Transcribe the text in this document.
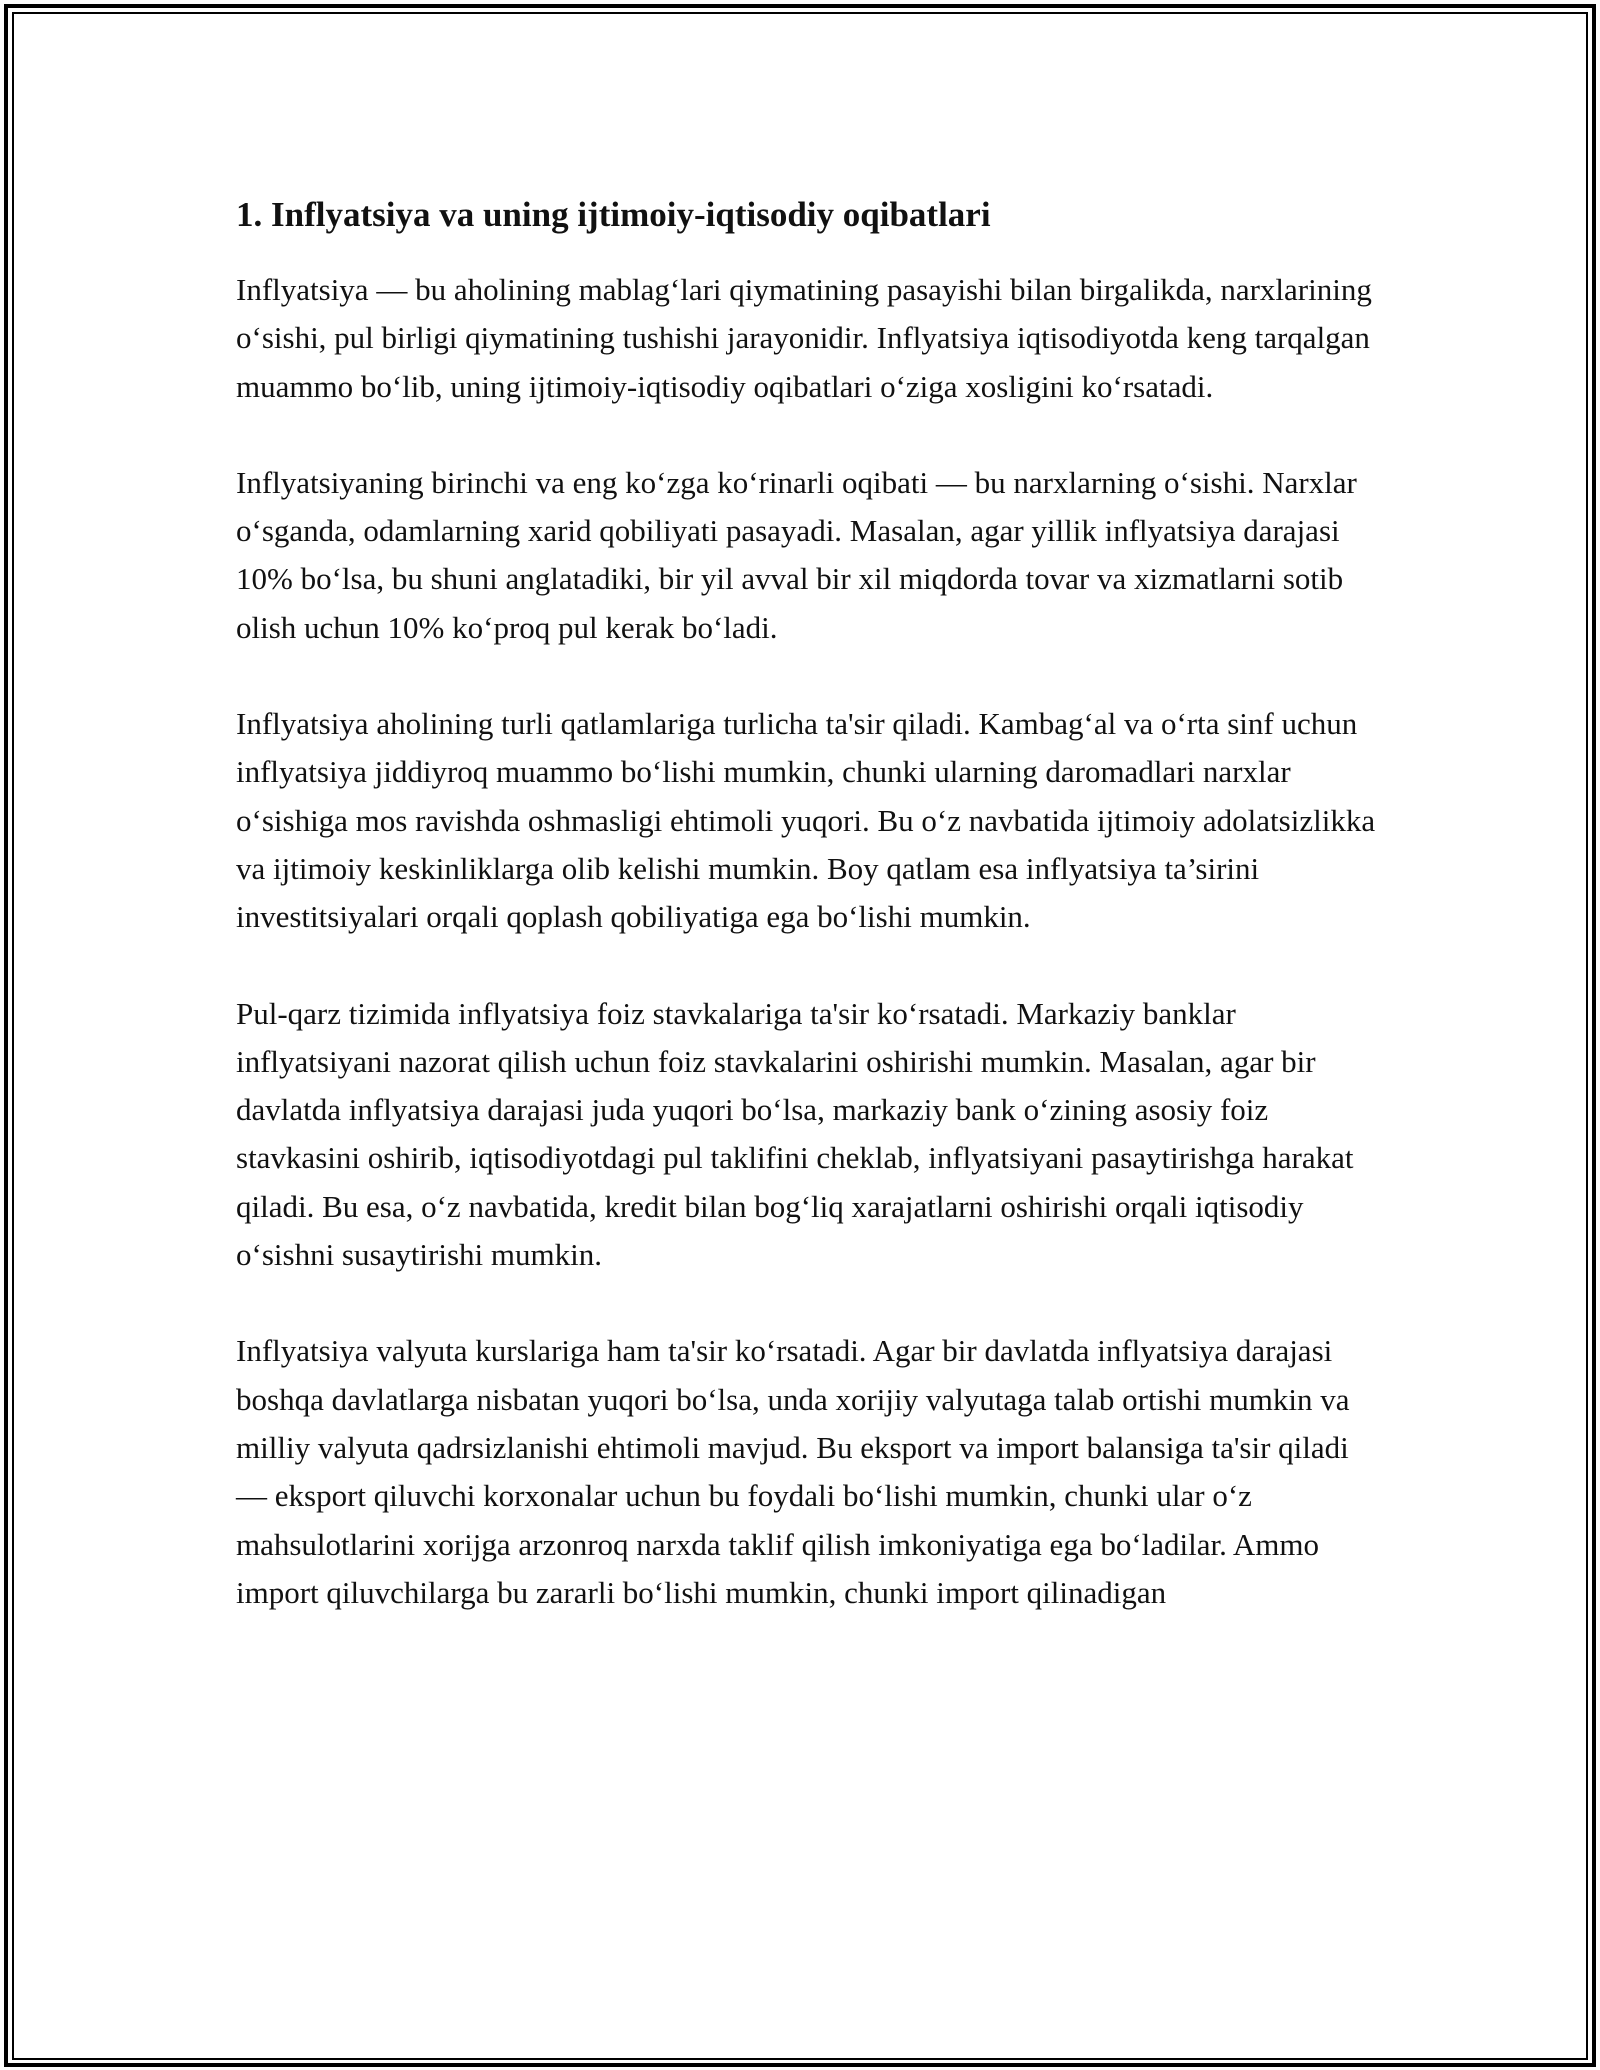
1. Inflyatsiya va uning ijtimoiy-iqtisodiy oqibatlari

Inflyatsiya — bu aholining mablag‘lari qiymatining pasayishi bilan birgalikda, narxlarining o‘sishi, pul birligi qiymatining tushishi jarayonidir. Inflyatsiya iqtisodiyotda keng tarqalgan muammo bo‘lib, uning ijtimoiy-iqtisodiy oqibatlari o‘ziga xosligini ko‘rsatadi.

Inflyatsiyaning birinchi va eng ko‘zga ko‘rinarli oqibati — bu narxlarning o‘sishi. Narxlar o‘sganda, odamlarning xarid qobiliyati pasayadi. Masalan, agar yillik inflyatsiya darajasi 10% bo‘lsa, bu shuni anglatadiki, bir yil avval bir xil miqdorda tovar va xizmatlarni sotib olish uchun 10% ko‘proq pul kerak bo‘ladi.

Inflyatsiya aholining turli qatlamlariga turlicha ta'sir qiladi. Kambag‘al va o‘rta sinf uchun inflyatsiya jiddiyroq muammo bo‘lishi mumkin, chunki ularning daromadlari narxlar o‘sishiga mos ravishda oshmasligi ehtimoli yuqori. Bu o‘z navbatida ijtimoiy adolatsizlikka va ijtimoiy keskinliklarga olib kelishi mumkin. Boy qatlam esa inflyatsiya ta’sirini investitsiyalari orqali qoplash qobiliyatiga ega bo‘lishi mumkin.

Pul-qarz tizimida inflyatsiya foiz stavkalariga ta'sir ko‘rsatadi. Markaziy banklar inflyatsiyani nazorat qilish uchun foiz stavkalarini oshirishi mumkin. Masalan, agar bir davlatda inflyatsiya darajasi juda yuqori bo‘lsa, markaziy bank o‘zining asosiy foiz stavkasini oshirib, iqtisodiyotdagi pul taklifini cheklab, inflyatsiyani pasaytirishga harakat qiladi. Bu esa, o‘z navbatida, kredit bilan bog‘liq xarajatlarni oshirishi orqali iqtisodiy o‘sishni susaytirishi mumkin.

Inflyatsiya valyuta kurslariga ham ta'sir ko‘rsatadi. Agar bir davlatda inflyatsiya darajasi boshqa davlatlarga nisbatan yuqori bo‘lsa, unda xorijiy valyutaga talab ortishi mumkin va milliy valyuta qadrsizlanishi ehtimoli mavjud. Bu eksport va import balansiga ta'sir qiladi — eksport qiluvchi korxonalar uchun bu foydali bo‘lishi mumkin, chunki ular o‘z mahsulotlarini xorijga arzonroq narxda taklif qilish imkoniyatiga ega bo‘ladilar. Ammo import qiluvchilarga bu zararli bo‘lishi mumkin, chunki import qilinadigan
